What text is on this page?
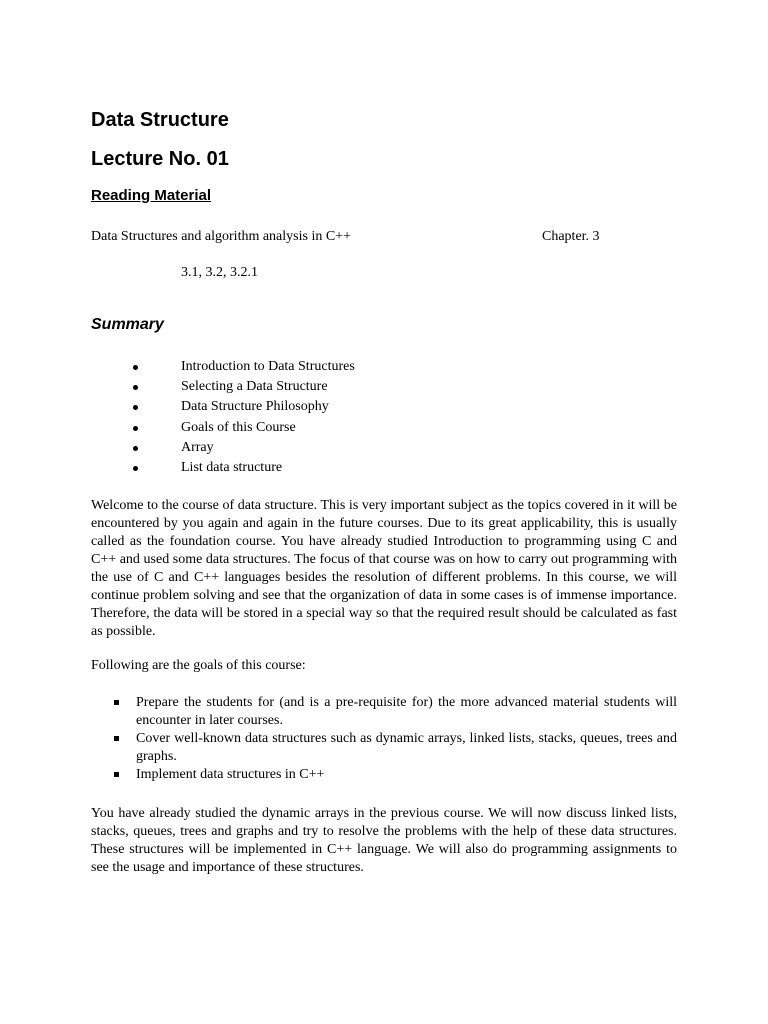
Data Structure
Lecture No. 01
Reading Material
Data Structures and algorithm analysis in C++	Chapter. 3
3.1, 3.2, 3.2.1
Summary
Introduction to Data Structures
Selecting a Data Structure
Data Structure Philosophy
Goals of this Course
Array
List data structure

Welcome to the course of data structure. This is very important subject as the topics covered in it will be encountered by you again and again in the future courses. Due to its great applicability, this is usually called as the foundation course. You have already studied Introduction to programming using C and C++ and used some data structures. The focus of that course was on how to carry out programming with the use of C and C++ languages besides the resolution of different problems. In this course, we will continue problem solving and see that the organization of data in some cases is of immense importance. Therefore, the data will be stored in a special way so that the required result should be calculated as fast as possible.

Following are the goals of this course:

Prepare the students for (and is a pre-requisite for) the more advanced material students will encounter in later courses.
Cover well-known data structures such as dynamic arrays, linked lists, stacks, queues, trees and graphs.
Implement data structures in C++

You have already studied the dynamic arrays in the previous course. We will now discuss linked lists, stacks, queues, trees and graphs and try to resolve the problems with the help of these data structures. These structures will be implemented in C++ language. We will also do programming assignments to see the usage and importance of these structures.
